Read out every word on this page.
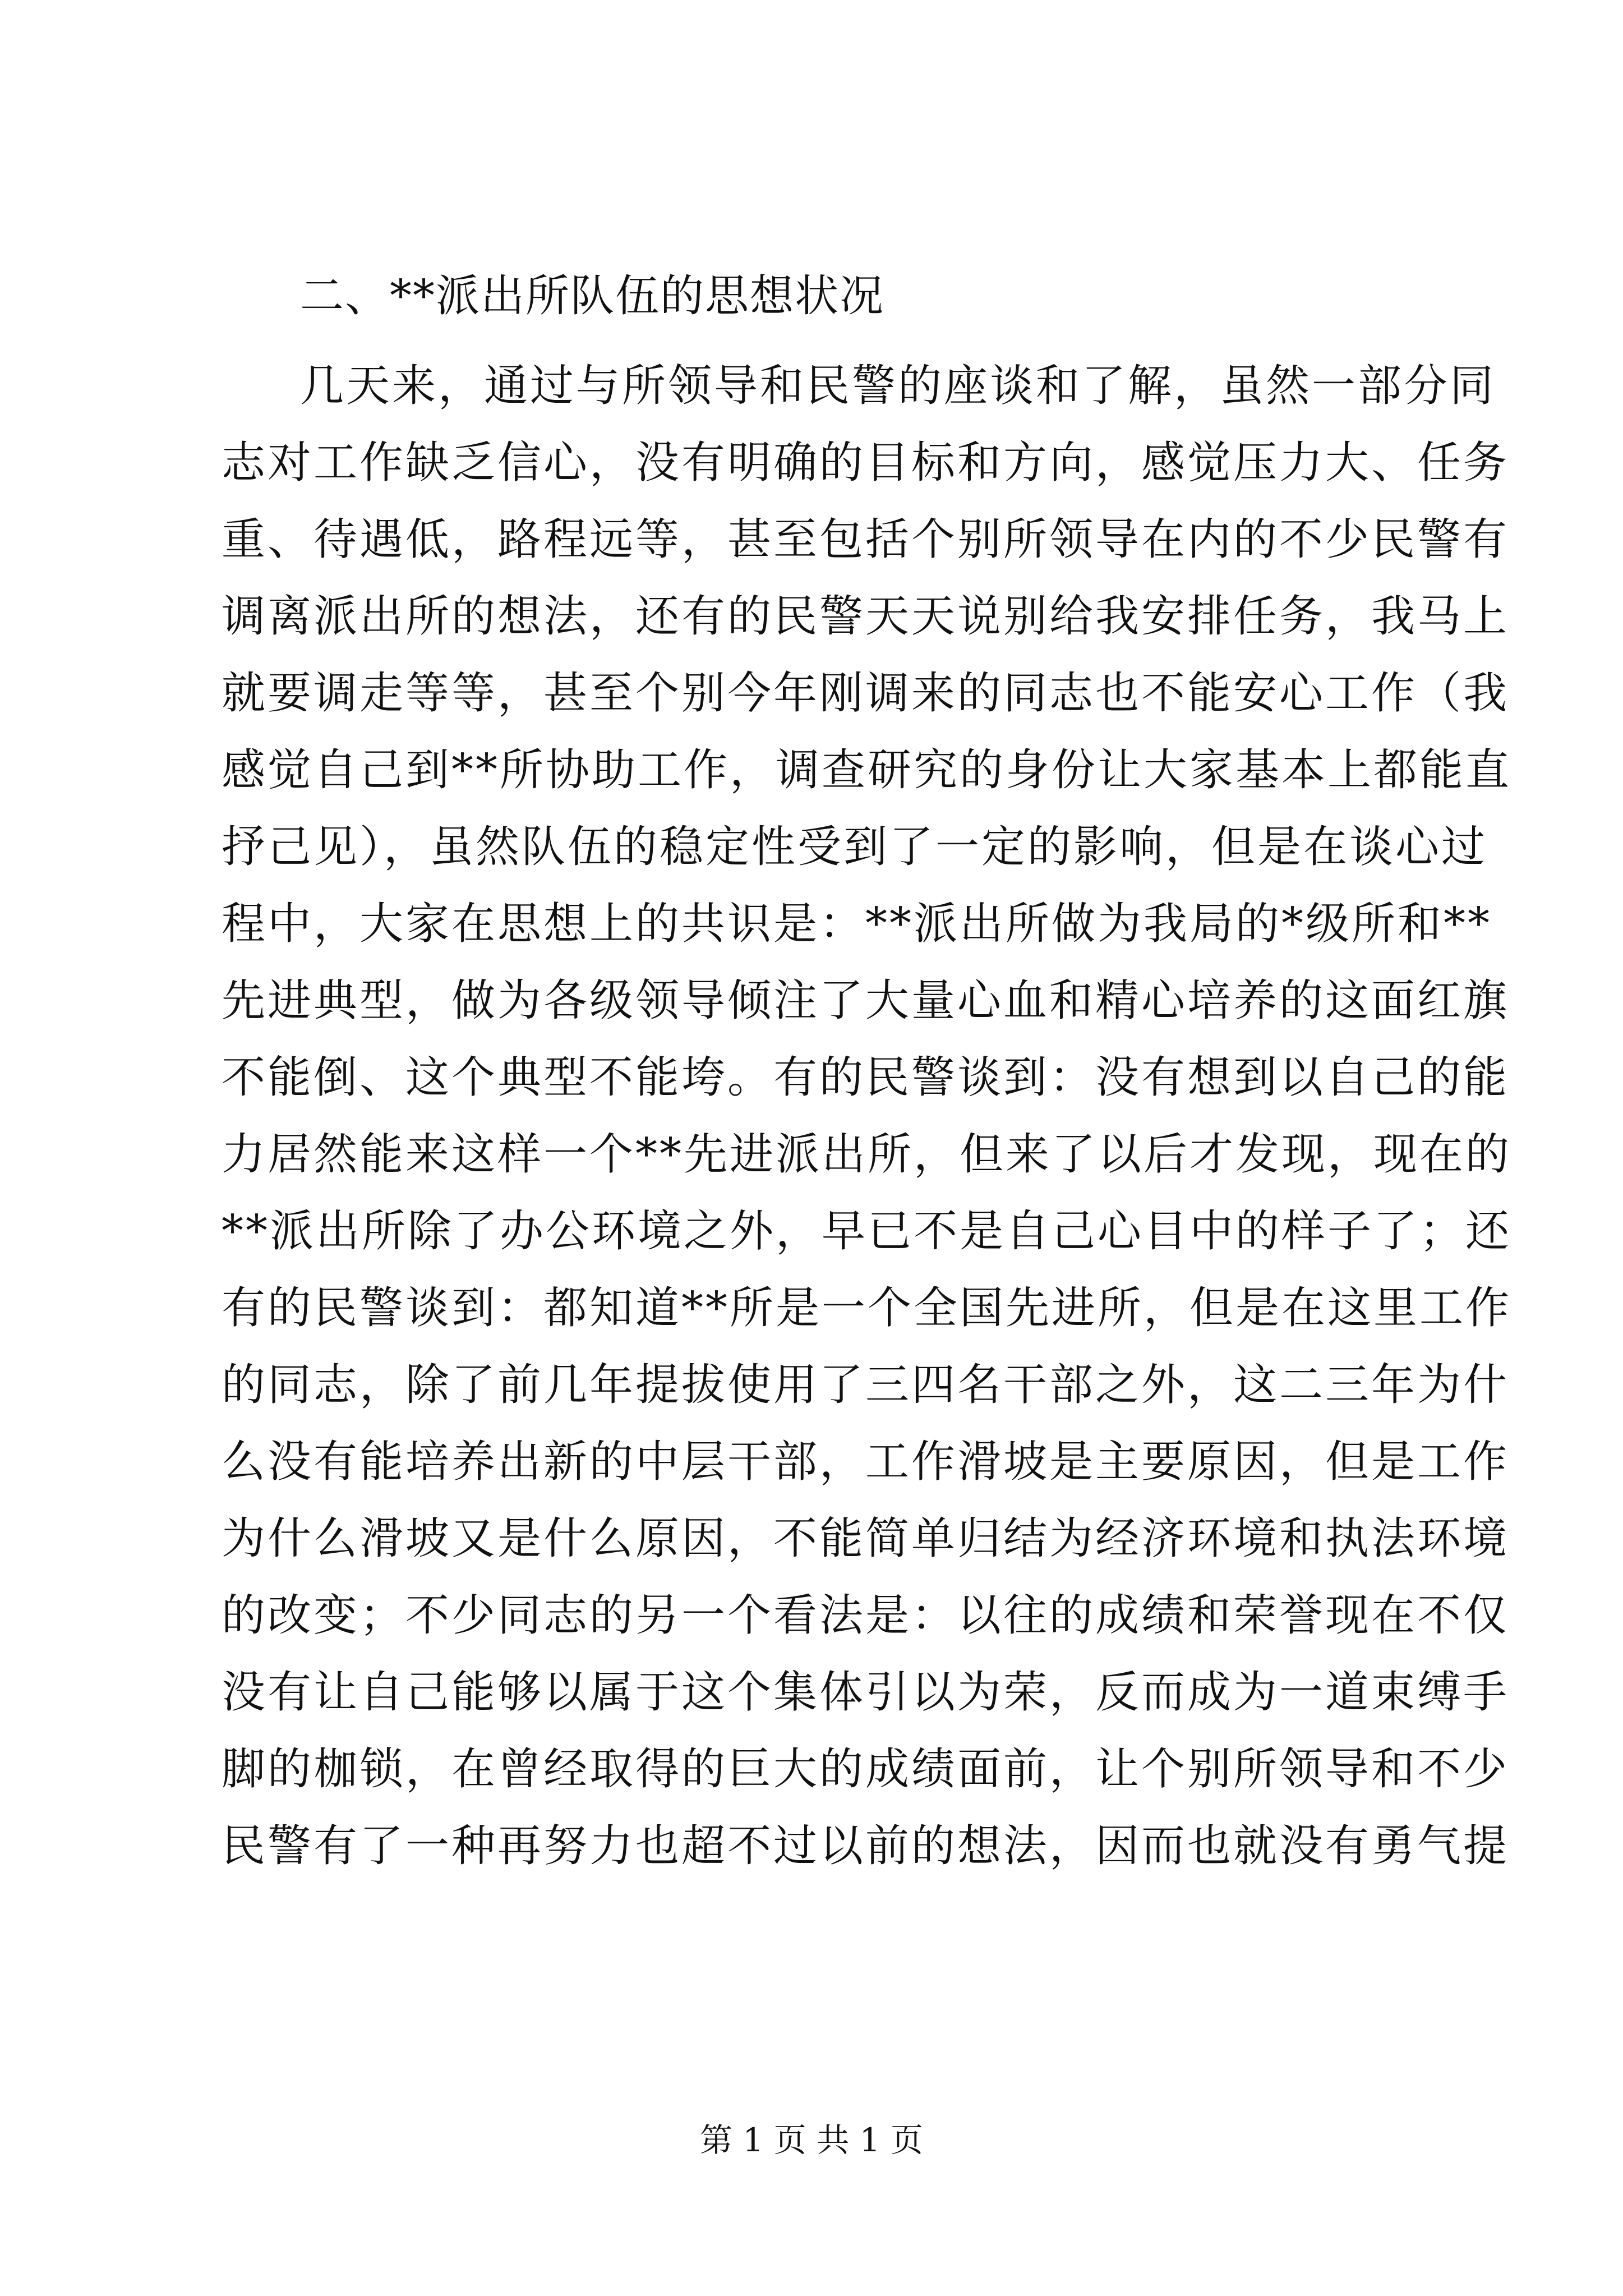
二、**派出所队伍的思想状况
几天来，通过与所领导和民警的座谈和了解，虽然一部分同
志对工作缺乏信心，没有明确的目标和方向，感觉压力大、任务
重、待遇低，路程远等，甚至包括个别所领导在内的不少民警有
调离派出所的想法，还有的民警天天说别给我安排任务，我马上
就要调走等等，甚至个别今年刚调来的同志也不能安心工作（我
感觉自己到**所协助工作，调查研究的身份让大家基本上都能直
抒己见），虽然队伍的稳定性受到了一定的影响，但是在谈心过
程中，大家在思想上的共识是：**派出所做为我局的*级所和**
先进典型，做为各级领导倾注了大量心血和精心培养的这面红旗
不能倒、这个典型不能垮。有的民警谈到：没有想到以自己的能
力居然能来这样一个**先进派出所，但来了以后才发现，现在的
**派出所除了办公环境之外，早已不是自己心目中的样子了；还
有的民警谈到：都知道**所是一个全国先进所，但是在这里工作
的同志，除了前几年提拔使用了三四名干部之外，这二三年为什
么没有能培养出新的中层干部，工作滑坡是主要原因，但是工作
为什么滑坡又是什么原因，不能简单归结为经济环境和执法环境
的改变；不少同志的另一个看法是：以往的成绩和荣誉现在不仅
没有让自己能够以属于这个集体引以为荣，反而成为一道束缚手
脚的枷锁，在曾经取得的巨大的成绩面前，让个别所领导和不少
民警有了一种再努力也超不过以前的想法，因而也就没有勇气提
第 1 页 共 1 页
